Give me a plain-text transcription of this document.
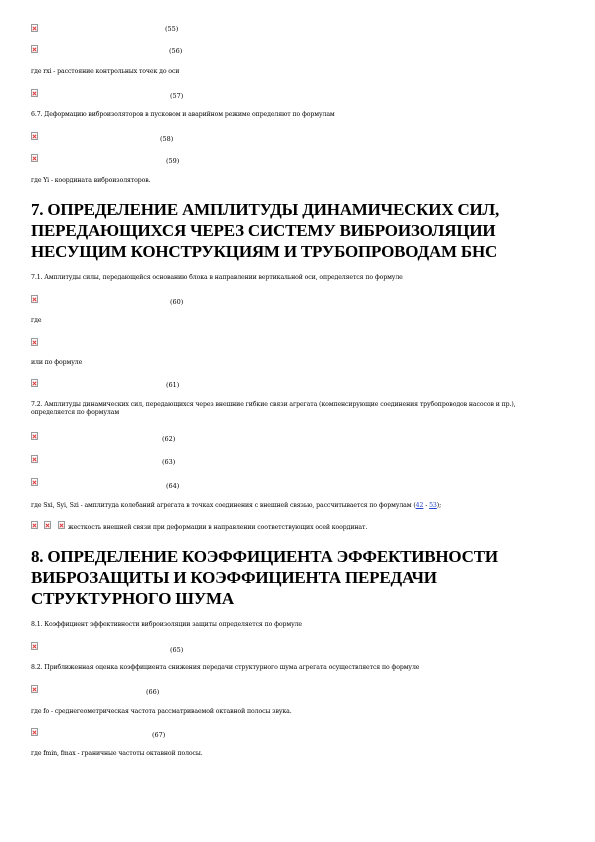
(55)
(56)
где rxi - расстояние контрольных точек до оси
(57)
6.7. Деформацию виброизоляторов в пусковом и аварийном режиме определяют по формулам
(58)
(59)
где Yi - координата виброизоляторов.
7. ОПРЕДЕЛЕНИЕ АМПЛИТУДЫ ДИНАМИЧЕСКИХ СИЛ, ПЕРЕДАЮЩИХСЯ ЧЕРЕЗ СИСТЕМУ ВИБРОИЗОЛЯЦИИ НЕСУЩИМ КОНСТРУКЦИЯМ И ТРУБОПРОВОДАМ БНС
7.1. Амплитуды силы, передающейся основанию блока в направлении вертикальной оси, определяется по формуле
(60)
где
или по формуле
(61)
7.2. Амплитуды динамических сил, передающихся через внешние гибкие связи агрегата (компенсирующие соединения трубопроводов насосов и пр.), определяется по формулам
(62)
(63)
(64)
где Sxi, Syi, Szi - амплитуда колебаний агрегата в точках соединения с внешней связью, рассчитывается по формулам (42 - 53);
жесткость внешней связи при деформации в направлении соответствующих осей координат.
8. ОПРЕДЕЛЕНИЕ КОЭФФИЦИЕНТА ЭФФЕКТИВНОСТИ ВИБРОЗАЩИТЫ И КОЭФФИЦИЕНТА ПЕРЕДАЧИ СТРУКТУРНОГО ШУМА
8.1. Коэффициент эффективности виброизоляции защиты определяется по формуле
(65)
8.2. Приближенная оценка коэффициента снижения передачи структурного шума агрегата осуществляется по формуле
(66)
где fо - среднегеометрическая частота рассматриваемой октавной полосы звука.
(67)
где fmin, fmax - граничные частоты октавной полосы.
